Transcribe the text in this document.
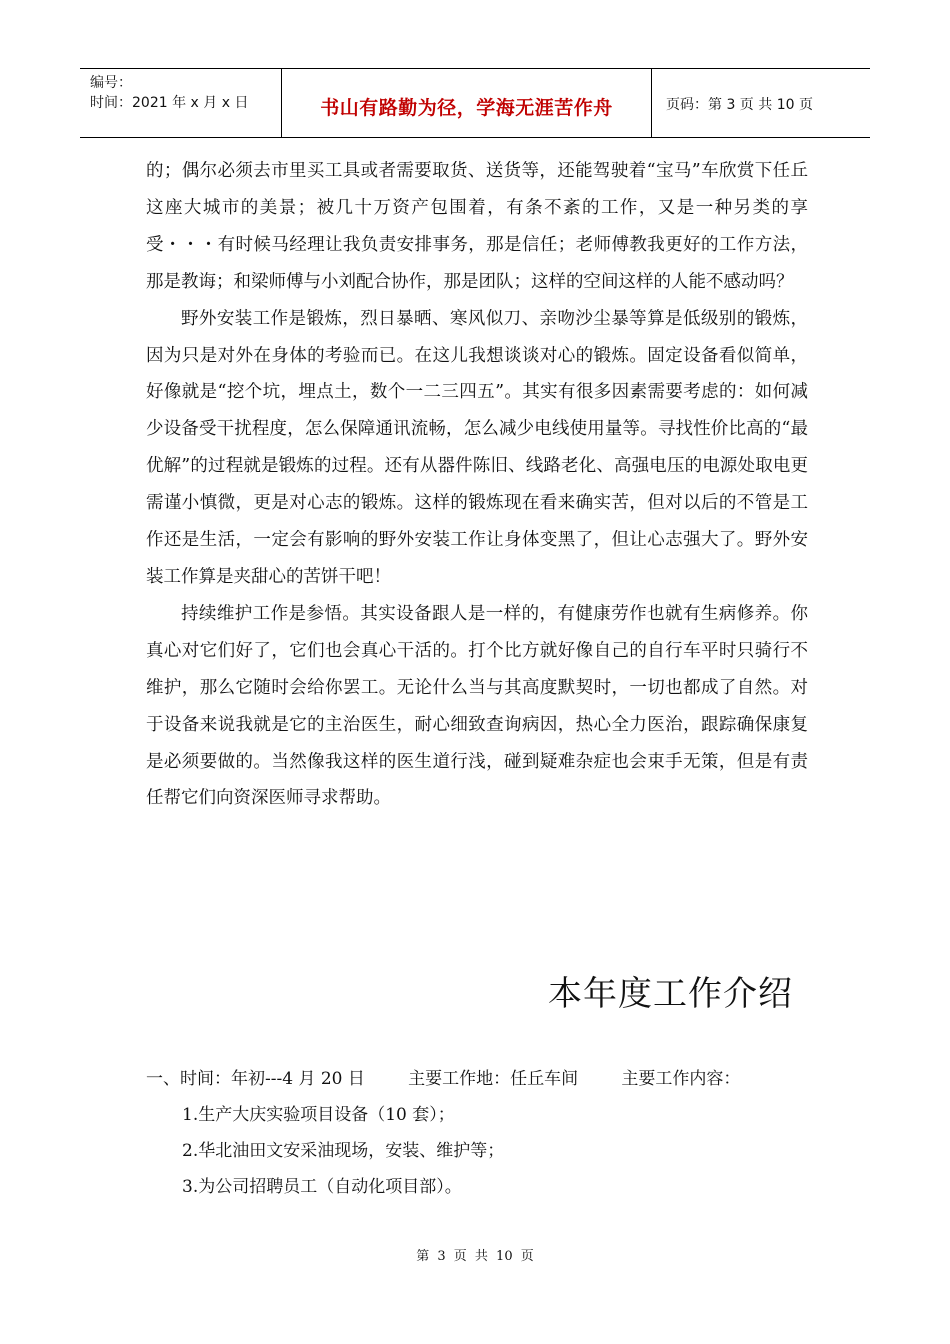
编号：
时间：2021 年 x 月 x 日	书山有路勤为径，学海无涯苦作舟	页码：第 3 页 共 10 页

的；偶尔必须去市里买工具或者需要取货、送货等，还能驾驶着“宝马”车欣赏下任丘这座大城市的美景；被几十万资产包围着，有条不紊的工作，又是一种另类的享受・・・有时候马经理让我负责安排事务，那是信任；老师傅教我更好的工作方法，那是教诲；和梁师傅与小刘配合协作，那是团队；这样的空间这样的人能不感动吗？

野外安装工作是锻炼，烈日暴晒、寒风似刀、亲吻沙尘暴等算是低级别的锻炼， 因为只是对外在身体的考验而已。在这儿我想谈谈对心的锻炼。固定设备看似简单，好像就是“挖个坑，埋点土，数个一二三四五”。其实有很多因素需要考虑的：如何减少设备受干扰程度，怎么保障通讯流畅，怎么减少电线使用量等。寻找性价比高的“最优解”的过程就是锻炼的过程。还有从器件陈旧、线路老化、高强电压的电源处取电更需谨小慎微，更是对心志的锻炼。这样的锻炼现在看来确实苦，但对以后的不管是工作还是生活，一定会有影响的野外安装工作让身体变黑了，但让心志强大了。野外安装工作算是夹甜心的苦饼干吧！

持续维护工作是参悟。其实设备跟人是一样的，有健康劳作也就有生病修养。你真心对它们好了，它们也会真心干活的。打个比方就好像自己的自行车平时只骑行不维护，那么它随时会给你罢工。无论什么当与其高度默契时，一切也都成了自然。对于设备来说我就是它的主治医生，耐心细致查询病因，热心全力医治，跟踪确保康复是必须要做的。当然像我这样的医生道行浅，碰到疑难杂症也会束手无策，但是有责任帮它们向资深医师寻求帮助。

本年度工作介绍
一、时间：年初---4 月 20 日        主要工作地：任丘车间        主要工作内容：
1.生产大庆实验项目设备（10 套）；
2.华北油田文安采油现场，安装、维护等；
3.为公司招聘员工（自动化项目部）。
第 3 页 共 10 页
